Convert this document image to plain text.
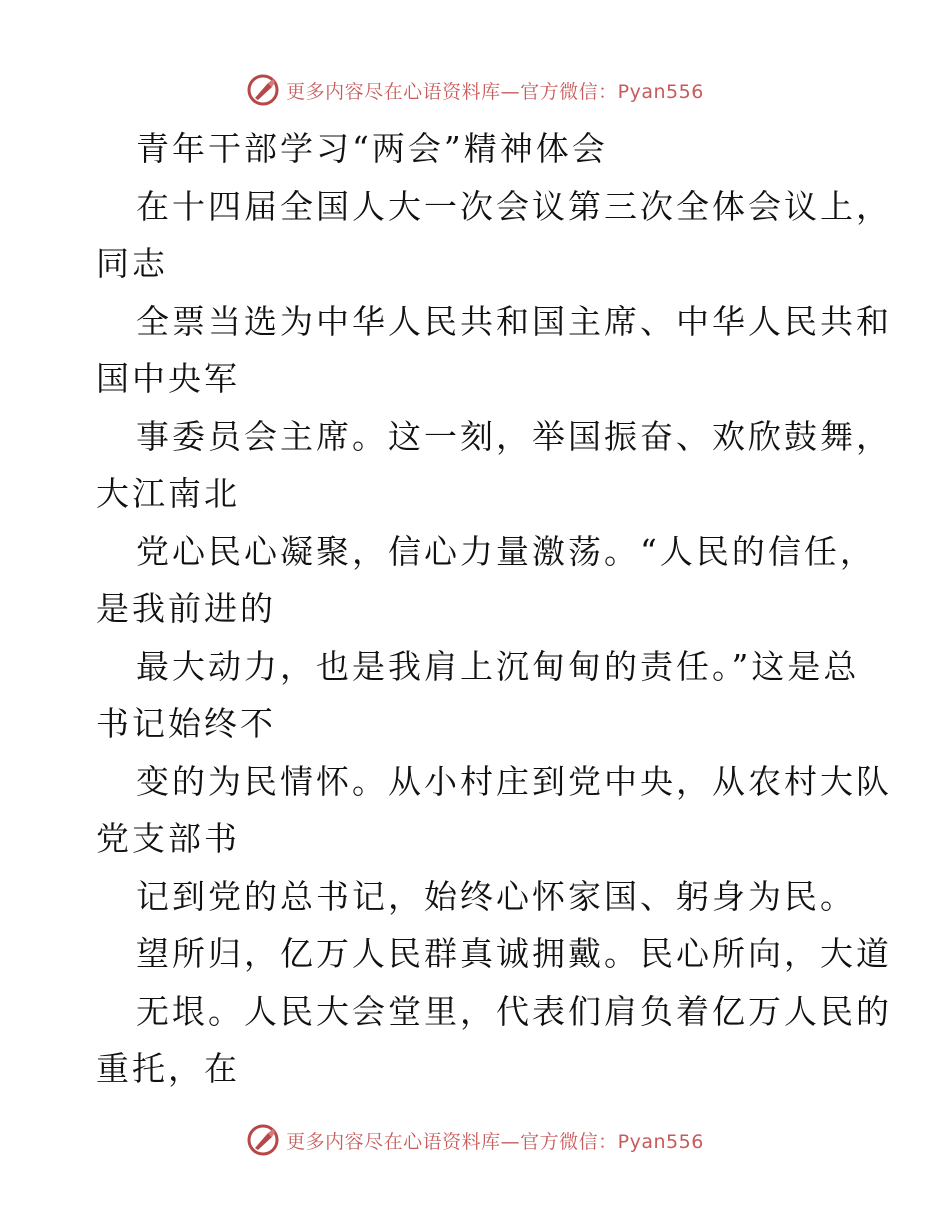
更多内容尽在心语资料库—官方微信：Pyan556
青年干部学习“两会”精神体会
在十四届全国人大一次会议第三次全体会议上，
同志
全票当选为中华人民共和国主席、中华人民共和
国中央军
事委员会主席。这一刻，举国振奋、欢欣鼓舞，
大江南北
党心民心凝聚，信心力量激荡。“人民的信任，
是我前进的
最大动力，也是我肩上沉甸甸的责任。”这是总
书记始终不
变的为民情怀。从小村庄到党中央，从农村大队
党支部书
记到党的总书记，始终心怀家国、躬身为民。
望所归，亿万人民群真诚拥戴。民心所向，大道
无垠。人民大会堂里，代表们肩负着亿万人民的
重托，在
更多内容尽在心语资料库—官方微信：Pyan556
